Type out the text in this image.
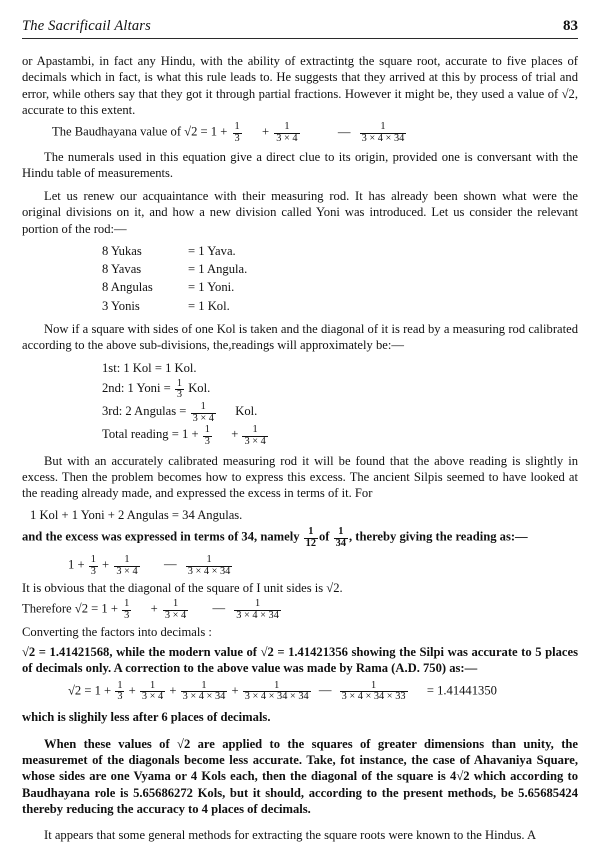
The Sacrificail Altars	83

or Apastambi, in fact any Hindu, with the ability of extractintg the square root, accurate to five places of decimals which in fact, is what this rule leads to. He suggests that they arrived at this by process of trial and error, while others say that they got it through partial fractions. However it might be, they used a value of √2, accurate to this extent.

The Baudhayana value of $√2 = 1 + \frac{1}{3} + \frac{1}{3 \times 4}$	— $\frac{1}{3 \times 4 \times 34}$

The numerals used in this equation give a direct clue to its origin, provided one is conversant with the Hindu table of measurements.

Let us renew our acquaintance with their measuring rod. It has already been shown what were the original divisions on it, and how a new division called Yoni was introduced. Let us consider the relevant portion of the rod:—

8 Yukas	= 1 Yava.
8 Yavas	= 1 Angula.
8 Angulas	= 1 Yoni.
3 Yonis	= 1 Kol.

Now if a square with sides of one Kol is taken and the diagonal of it is read by a measuring rod calibrated according to the above sub-divisions, the,readings will approximately be:—

1st: 1 Kol = 1 Kol.
2nd: 1 Yoni = $\frac{1}{3}$ Kol.
3rd: 2 Angulas = $\frac{1}{3 \times 4}$ Kol.
Total reading = $1 + \frac{1}{3} + \frac{1}{3 \times 4}$

But with an accurately calibrated measuring rod it will be found that the above reading is slightly in excess. Then the problem becomes how to express this excess. The ancient Silpis seemed to have looked at the reading already made, and expressed the excess in terms of it. For

1 Kol + 1 Yoni + 2 Angulas = 34 Angulas.

and the excess was expressed in terms of 34, namely $\frac{1}{12}$ of $\frac{1}{34}$ , thereby giving the reading as:—

$1 + \frac{1}{3} + \frac{1}{3 \times 4}$ — $\frac{1}{3 \times 4 \times 34}$

It is obvious that the diagonal of the square of I unit sides is √2.

Therefore $√2 = 1 + \frac{1}{3} + \frac{1}{3 \times 4}$ — $\frac{1}{3 \times 4 \times 34}$

Converting the factors into decimals :

√2 = 1.41421568, while the modern value of √2 = 1.41421356 showing the Silpi was accurate to 5 places of decimals only. A correction to the above value was made by Rama (A.D. 750) as:—

$√2 = 1 + \frac{1}{3} + \frac{1}{3 \times 4} + \frac{1}{3 \times 4 \times 34} + \frac{1}{3 \times 4 \times 34 \times 34}$ — $\frac{1}{3 \times 4 \times 34 \times 33} = 1.41441350$

which is slighily less after 6 places of decimals.

When these values of √2 are applied to the squares of greater dimensions than unity, the measuremet of the diagonals become less accurate. Take, fot instance, the case of Ahavaniya Square, whose sides are one Vyama or 4 Kols each, then the diagonal of the square is 4√2 which according to Baudhayana role is 5.65686272 Kols, but it should, according to the present methods, be 5.65685424 thereby reducing the accuracy to 4 places of decimals.

It appears that some general methods for extracting the square roots were known to the Hindus. A
